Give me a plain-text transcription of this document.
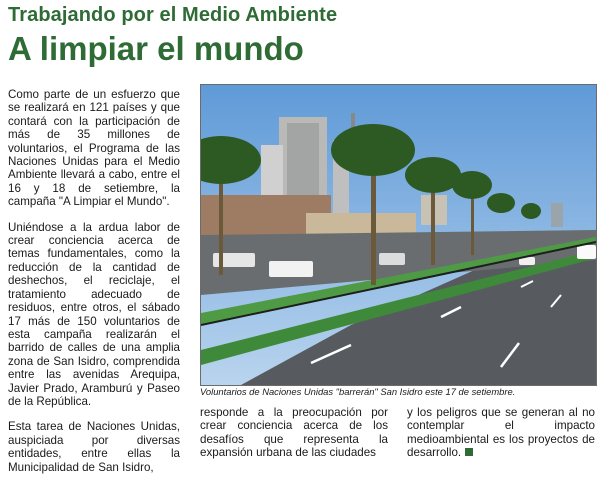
Trabajando por el Medio Ambiente
A limpiar el mundo

Como parte de un esfuerzo que se realizará en 121 países y que contará con la participación de más de 35 millones de voluntarios, el Programa de las Naciones Unidas para el Medio Ambiente llevará a cabo, entre el 16 y 18 de setiembre, la campaña "A Limpiar el Mundo".

Uniéndose a la ardua labor de crear conciencia acerca de temas fundamentales, como la reducción de la cantidad de deshechos, el reciclaje, el tratamiento adecuado de residuos, entre otros, el sábado 17 más de 150 voluntarios de esta campaña realizarán el barrido de calles de una amplia zona de San Isidro, comprendida entre las avenidas Arequipa, Javier Prado, Aramburú y Paseo de la República.

Esta tarea de Naciones Unidas, auspiciada por diversas entidades, entre ellas la Municipalidad de San Isidro,

Voluntarios de Naciones Unidas "barrerán" San Isidro este 17 de setiembre.
responde a la preocupación por crear conciencia acerca de los desafíos que representa la expansión urbana de las ciudades
y los peligros que se generan al no contemplar el impacto medioambiental es los proyectos de desarrollo.
